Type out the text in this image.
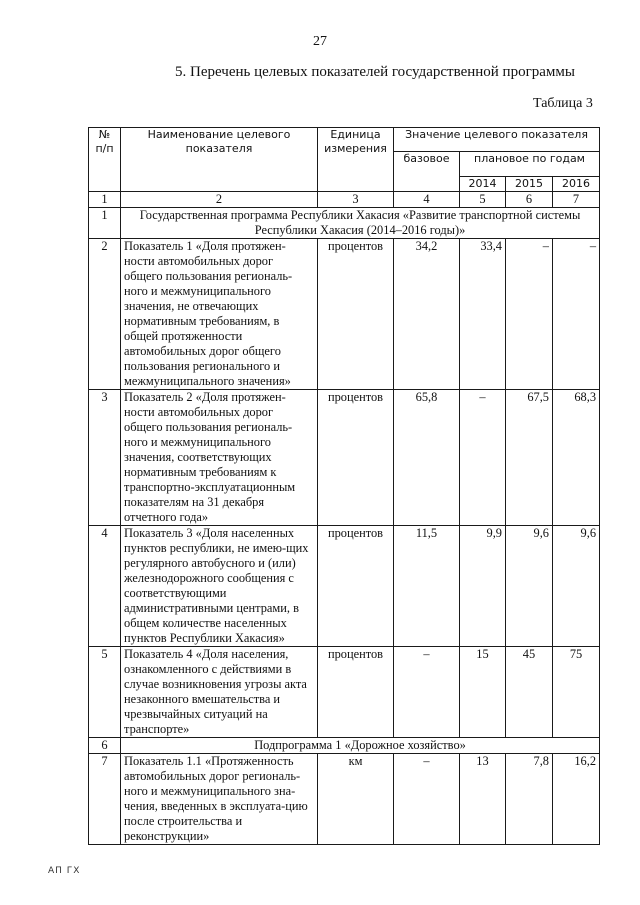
27
5. Перечень целевых показателей государственной программы
Таблица 3
№ п/п	Наименование целевого показателя	Единица измерения	Значение целевого показателя			
			базовое	плановое по годам		
				2014	2015	2016
1	2	3	4	5	6	7
1	Государственная программа Республики Хакасия «Развитие транспортной системы Республики Хакасия (2014–2016 годы)»					
2	Показатель 1 «Доля протяжен-ности автомобильных дорог общего пользования региональ-ного и межмуниципального значения, не отвечающих нормативным требованиям, в общей протяженности автомобильных дорог общего пользования регионального и межмуниципального значения»	процентов	34,2	33,4	–	–
3	Показатель 2 «Доля протяжен-ности автомобильных дорог общего пользования региональ-ного и межмуниципального значения, соответствующих нормативным требованиям к транспортно-эксплуатационным показателям на 31 декабря отчетного года»	процентов	65,8	–	67,5	68,3
4	Показатель 3 «Доля населенных пунктов республики, не имею-щих регулярного автобусного и (или) железнодорожного сообщения с соответствующими административными центрами, в общем количестве населенных пунктов Республики Хакасия»	процентов	11,5	9,9	9,6	9,6
5	Показатель 4 «Доля населения, ознакомленного с действиями в случае возникновения угрозы акта незаконного вмешательства и чрезвычайных ситуаций на транспорте»	процентов	–	15	45	75
6	Подпрограмма 1 «Дорожное хозяйство»					
7	Показатель 1.1 «Протяженность автомобильных дорог региональ-ного и межмуниципального зна-чения, введенных в эксплуата-цию после строительства и реконструкции»	км	–	13	7,8	16,2
АП ГХ
